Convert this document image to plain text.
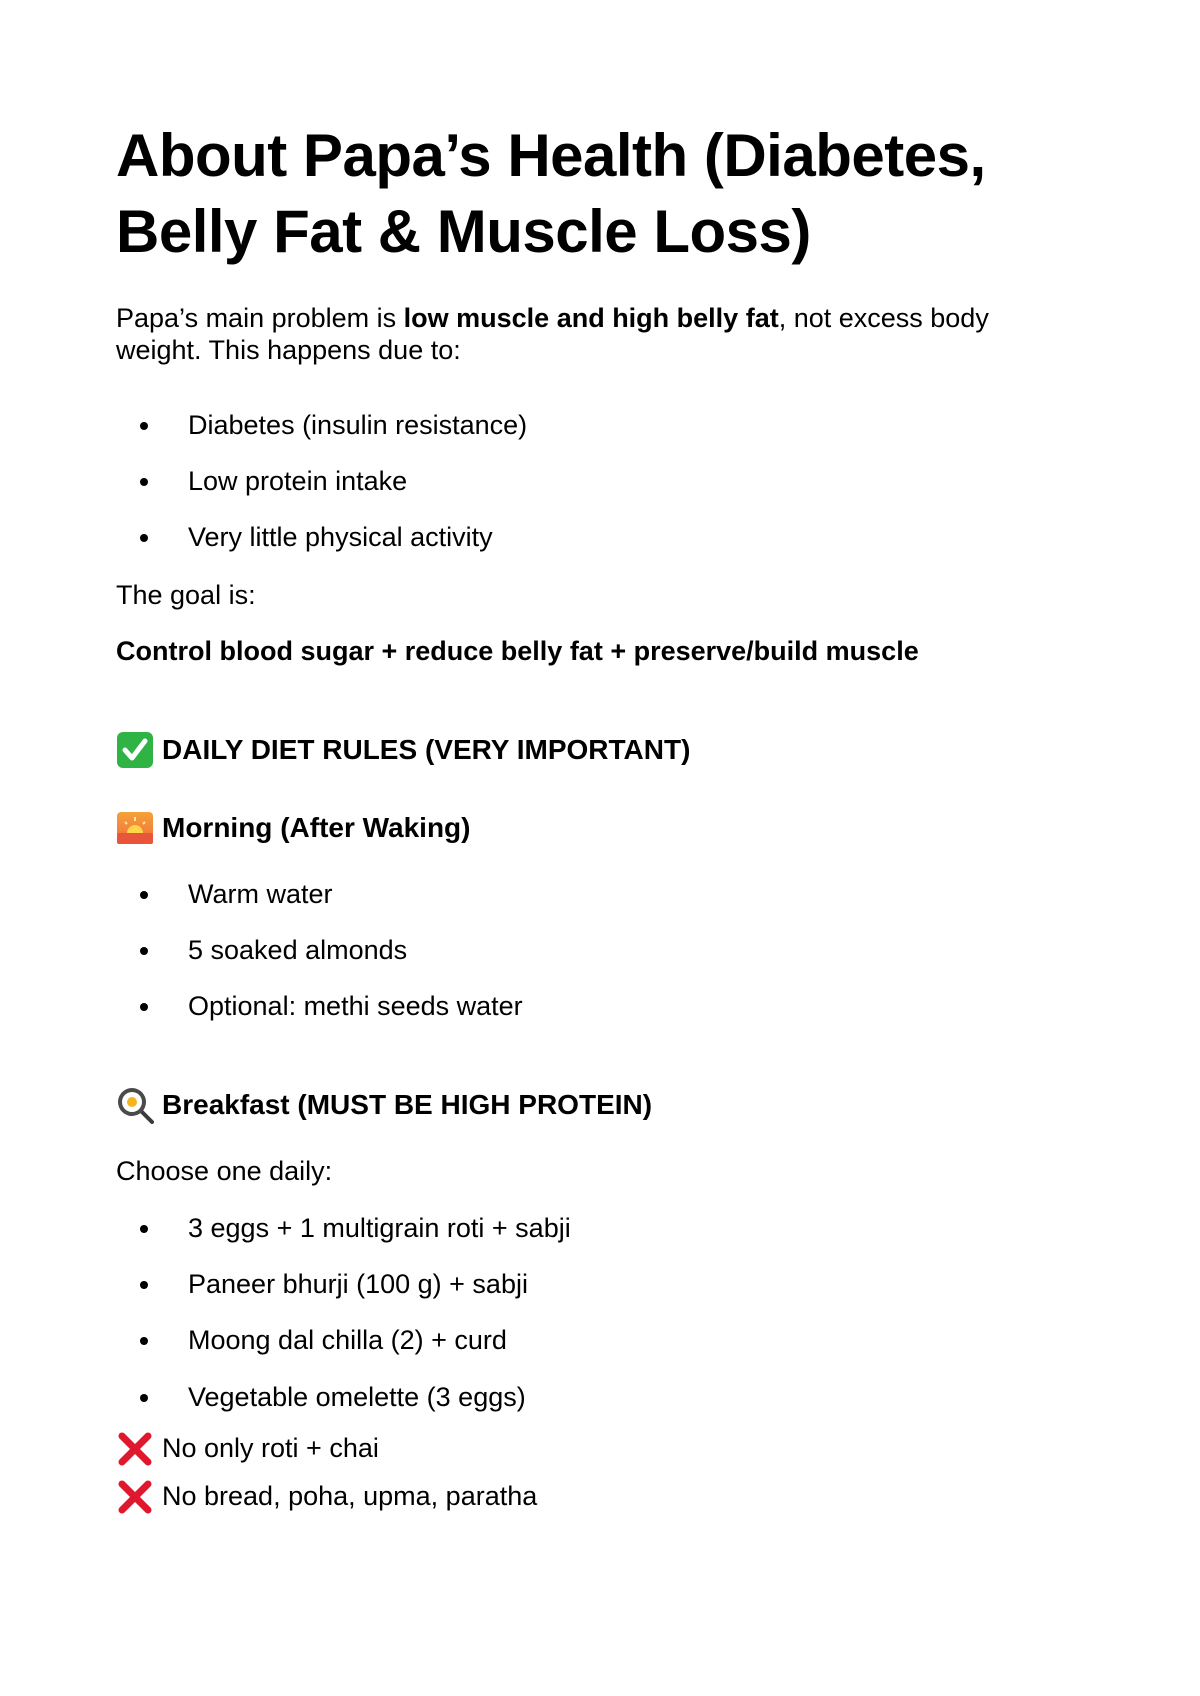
About Papa’s Health (Diabetes, Belly Fat & Muscle Loss)

Papa’s main problem is low muscle and high belly fat, not excess body weight. This happens due to:

Diabetes (insulin resistance)
Low protein intake
Very little physical activity

The goal is:

Control blood sugar + reduce belly fat + preserve/build muscle

DAILY DIET RULES (VERY IMPORTANT)
Morning (After Waking)
Warm water
5 soaked almonds
Optional: methi seeds water
Breakfast (MUST BE HIGH PROTEIN)

Choose one daily:

3 eggs + 1 multigrain roti + sabji
Paneer bhurji (100 g) + sabji
Moong dal chilla (2) + curd
Vegetable omelette (3 eggs)
No only roti + chai
No bread, poha, upma, paratha
